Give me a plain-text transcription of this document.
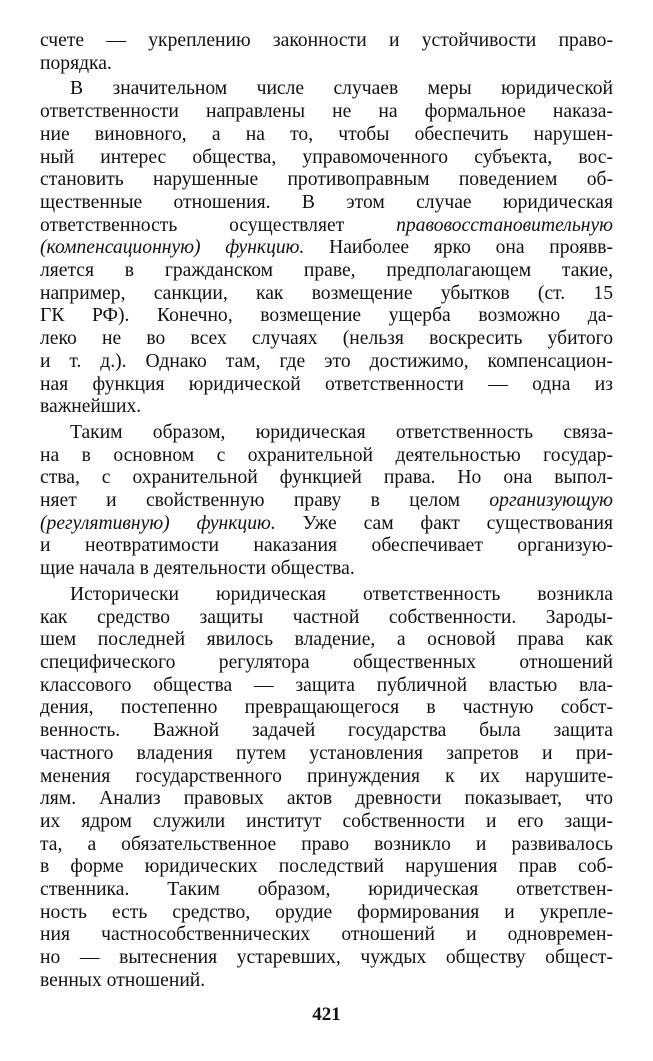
счете — укреплению законности и устойчивости право-
порядка.
В значительном числе случаев меры юридической
ответственности направлены не на формальное наказа-
ние виновного, а на то, чтобы обеспечить нарушен-
ный интерес общества, управомоченного субъекта, вос-
становить нарушенные противоправным поведением об-
щественные отношения. В этом случае юридическая
ответственность осуществляет правовосстановительную
(компенсационную) функцию. Наиболее ярко она проявв-
ляется в гражданском праве, предполагающем такие,
например, санкции, как возмещение убытков (ст. 15
ГК РФ). Конечно, возмещение ущерба возможно да-
леко не во всех случаях (нельзя воскресить убитого
и т. д.). Однако там, где это достижимо, компенсацион-
ная функция юридической ответственности — одна из
важнейших.
Таким образом, юридическая ответственность связа-
на в основном с охранительной деятельностью государ-
ства, с охранительной функцией права. Но она выпол-
няет и свойственную праву в целом организующую
(регулятивную) функцию. Уже сам факт существования
и неотвратимости наказания обеспечивает организую-
щие начала в деятельности общества.
Исторически юридическая ответственность возникла
как средство защиты частной собственности. Зароды-
шем последней явилось владение, а основой права как
специфического регулятора общественных отношений
классового общества — защита публичной властью вла-
дения, постепенно превращающегося в частную собст-
венность. Важной задачей государства была защита
частного владения путем установления запретов и при-
менения государственного принуждения к их нарушите-
лям. Анализ правовых актов древности показывает, что
их ядром служили институт собственности и его защи-
та, а обязательственное право возникло и развивалось
в форме юридических последствий нарушения прав соб-
ственника. Таким образом, юридическая ответствен-
ность есть средство, орудие формирования и укрепле-
ния частнособственнических отношений и одновремен-
но — вытеснения устаревших, чуждых обществу общест-
венных отношений.
421
